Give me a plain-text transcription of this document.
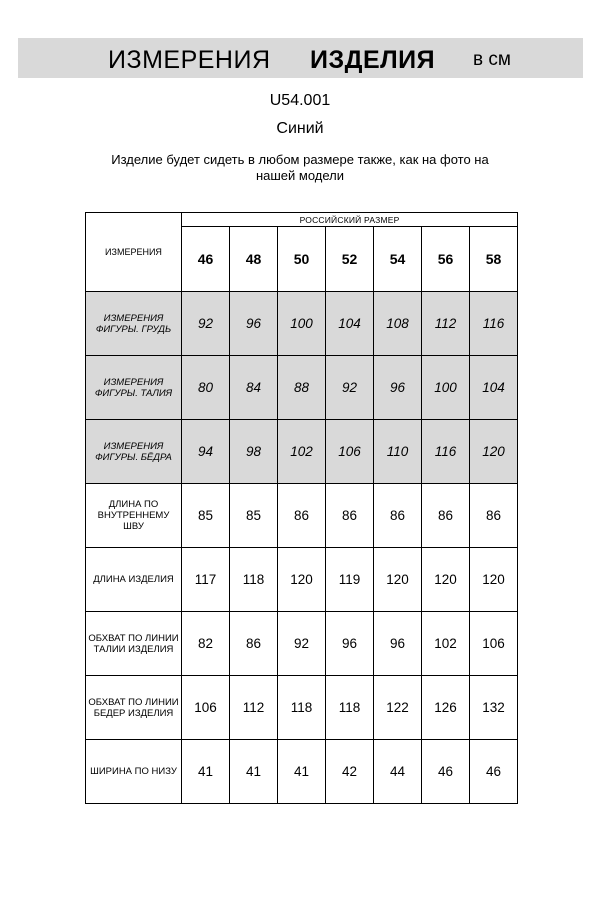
ИЗМЕРЕНИЯ ИЗДЕЛИЯ в см
U54.001
Синий
Изделие будет сидеть в любом размере также, как на фото на нашей модели
ИЗМЕРЕНИЯ	РОССИЙСКИЙ РАЗМЕР						
	46	48	50	52	54	56	58
ИЗМЕРЕНИЯ ФИГУРЫ. ГРУДЬ	92	96	100	104	108	112	116
ИЗМЕРЕНИЯ ФИГУРЫ. ТАЛИЯ	80	84	88	92	96	100	104
ИЗМЕРЕНИЯ ФИГУРЫ. БЁДРА	94	98	102	106	110	116	120
ДЛИНА ПО ВНУТРЕННЕМУ ШВУ	85	85	86	86	86	86	86
ДЛИНА ИЗДЕЛИЯ	117	118	120	119	120	120	120
ОБХВАТ ПО ЛИНИИ ТАЛИИ ИЗДЕЛИЯ	82	86	92	96	96	102	106
ОБХВАТ ПО ЛИНИИ БЕДЕР ИЗДЕЛИЯ	106	112	118	118	122	126	132
ШИРИНА ПО НИЗУ	41	41	41	42	44	46	46
